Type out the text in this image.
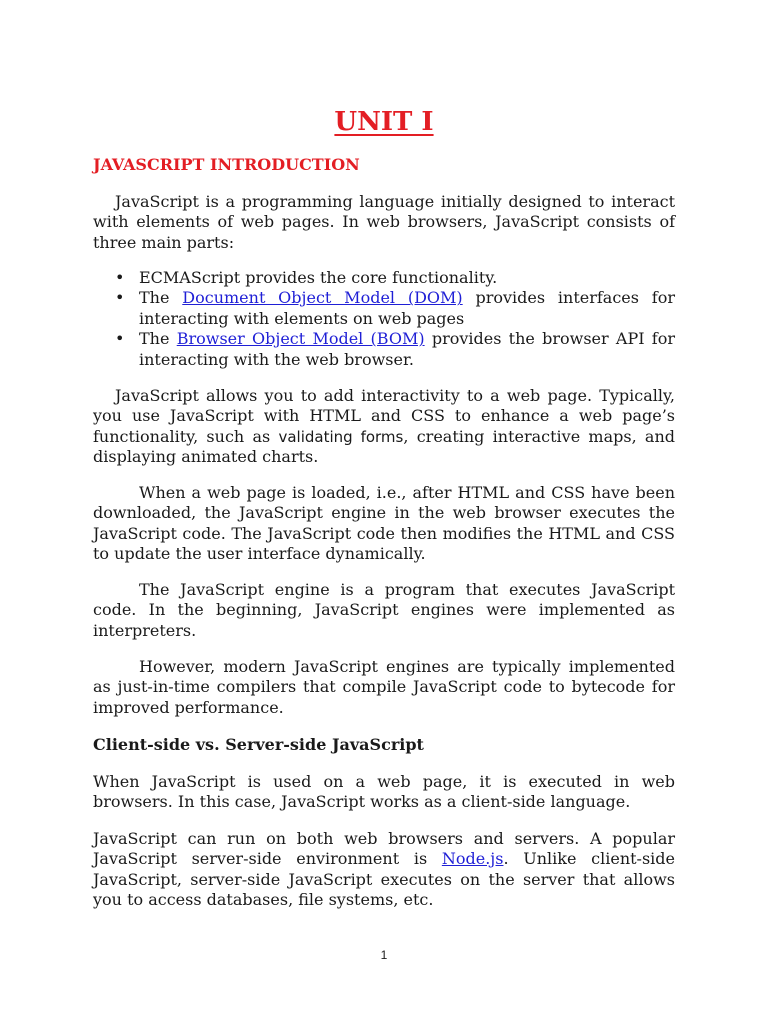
UNIT I
JAVASCRIPT INTRODUCTION

JavaScript is a programming language initially designed to interact with elements of web pages. In web browsers, JavaScript consists of three main parts:

• ECMAScript provides the core functionality.
• The Document Object Model (DOM) provides interfaces for interacting with elements on web pages
• The Browser Object Model (BOM) provides the browser API for interacting with the web browser.

JavaScript allows you to add interactivity to a web page. Typically, you use JavaScript with HTML and CSS to enhance a web page’s functionality, such as validating forms, creating interactive maps, and displaying animated charts.

When a web page is loaded, i.e., after HTML and CSS have been downloaded, the JavaScript engine in the web browser executes the JavaScript code. The JavaScript code then modifies the HTML and CSS to update the user interface dynamically.

The JavaScript engine is a program that executes JavaScript code. In the beginning, JavaScript engines were implemented as interpreters.

However, modern JavaScript engines are typically implemented as just-in-time compilers that compile JavaScript code to bytecode for improved performance.

Client-side vs. Server-side JavaScript

When JavaScript is used on a web page, it is executed in web browsers. In this case, JavaScript works as a client-side language.

JavaScript can run on both web browsers and servers. A popular JavaScript server-side environment is Node.js. Unlike client-side JavaScript, server-side JavaScript executes on the server that allows you to access databases, file systems, etc.

1
